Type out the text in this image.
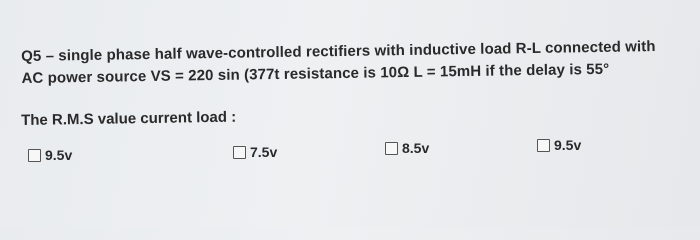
Q5 – single phase half wave-controlled rectifiers with inductive load R-L connected with
AC power source VS = 220 sin (377t resistance is 10Ω L = 15mH if the delay is 55°
The R.M.S value current load :
9.5v	7.5v	8.5v	9.5v
